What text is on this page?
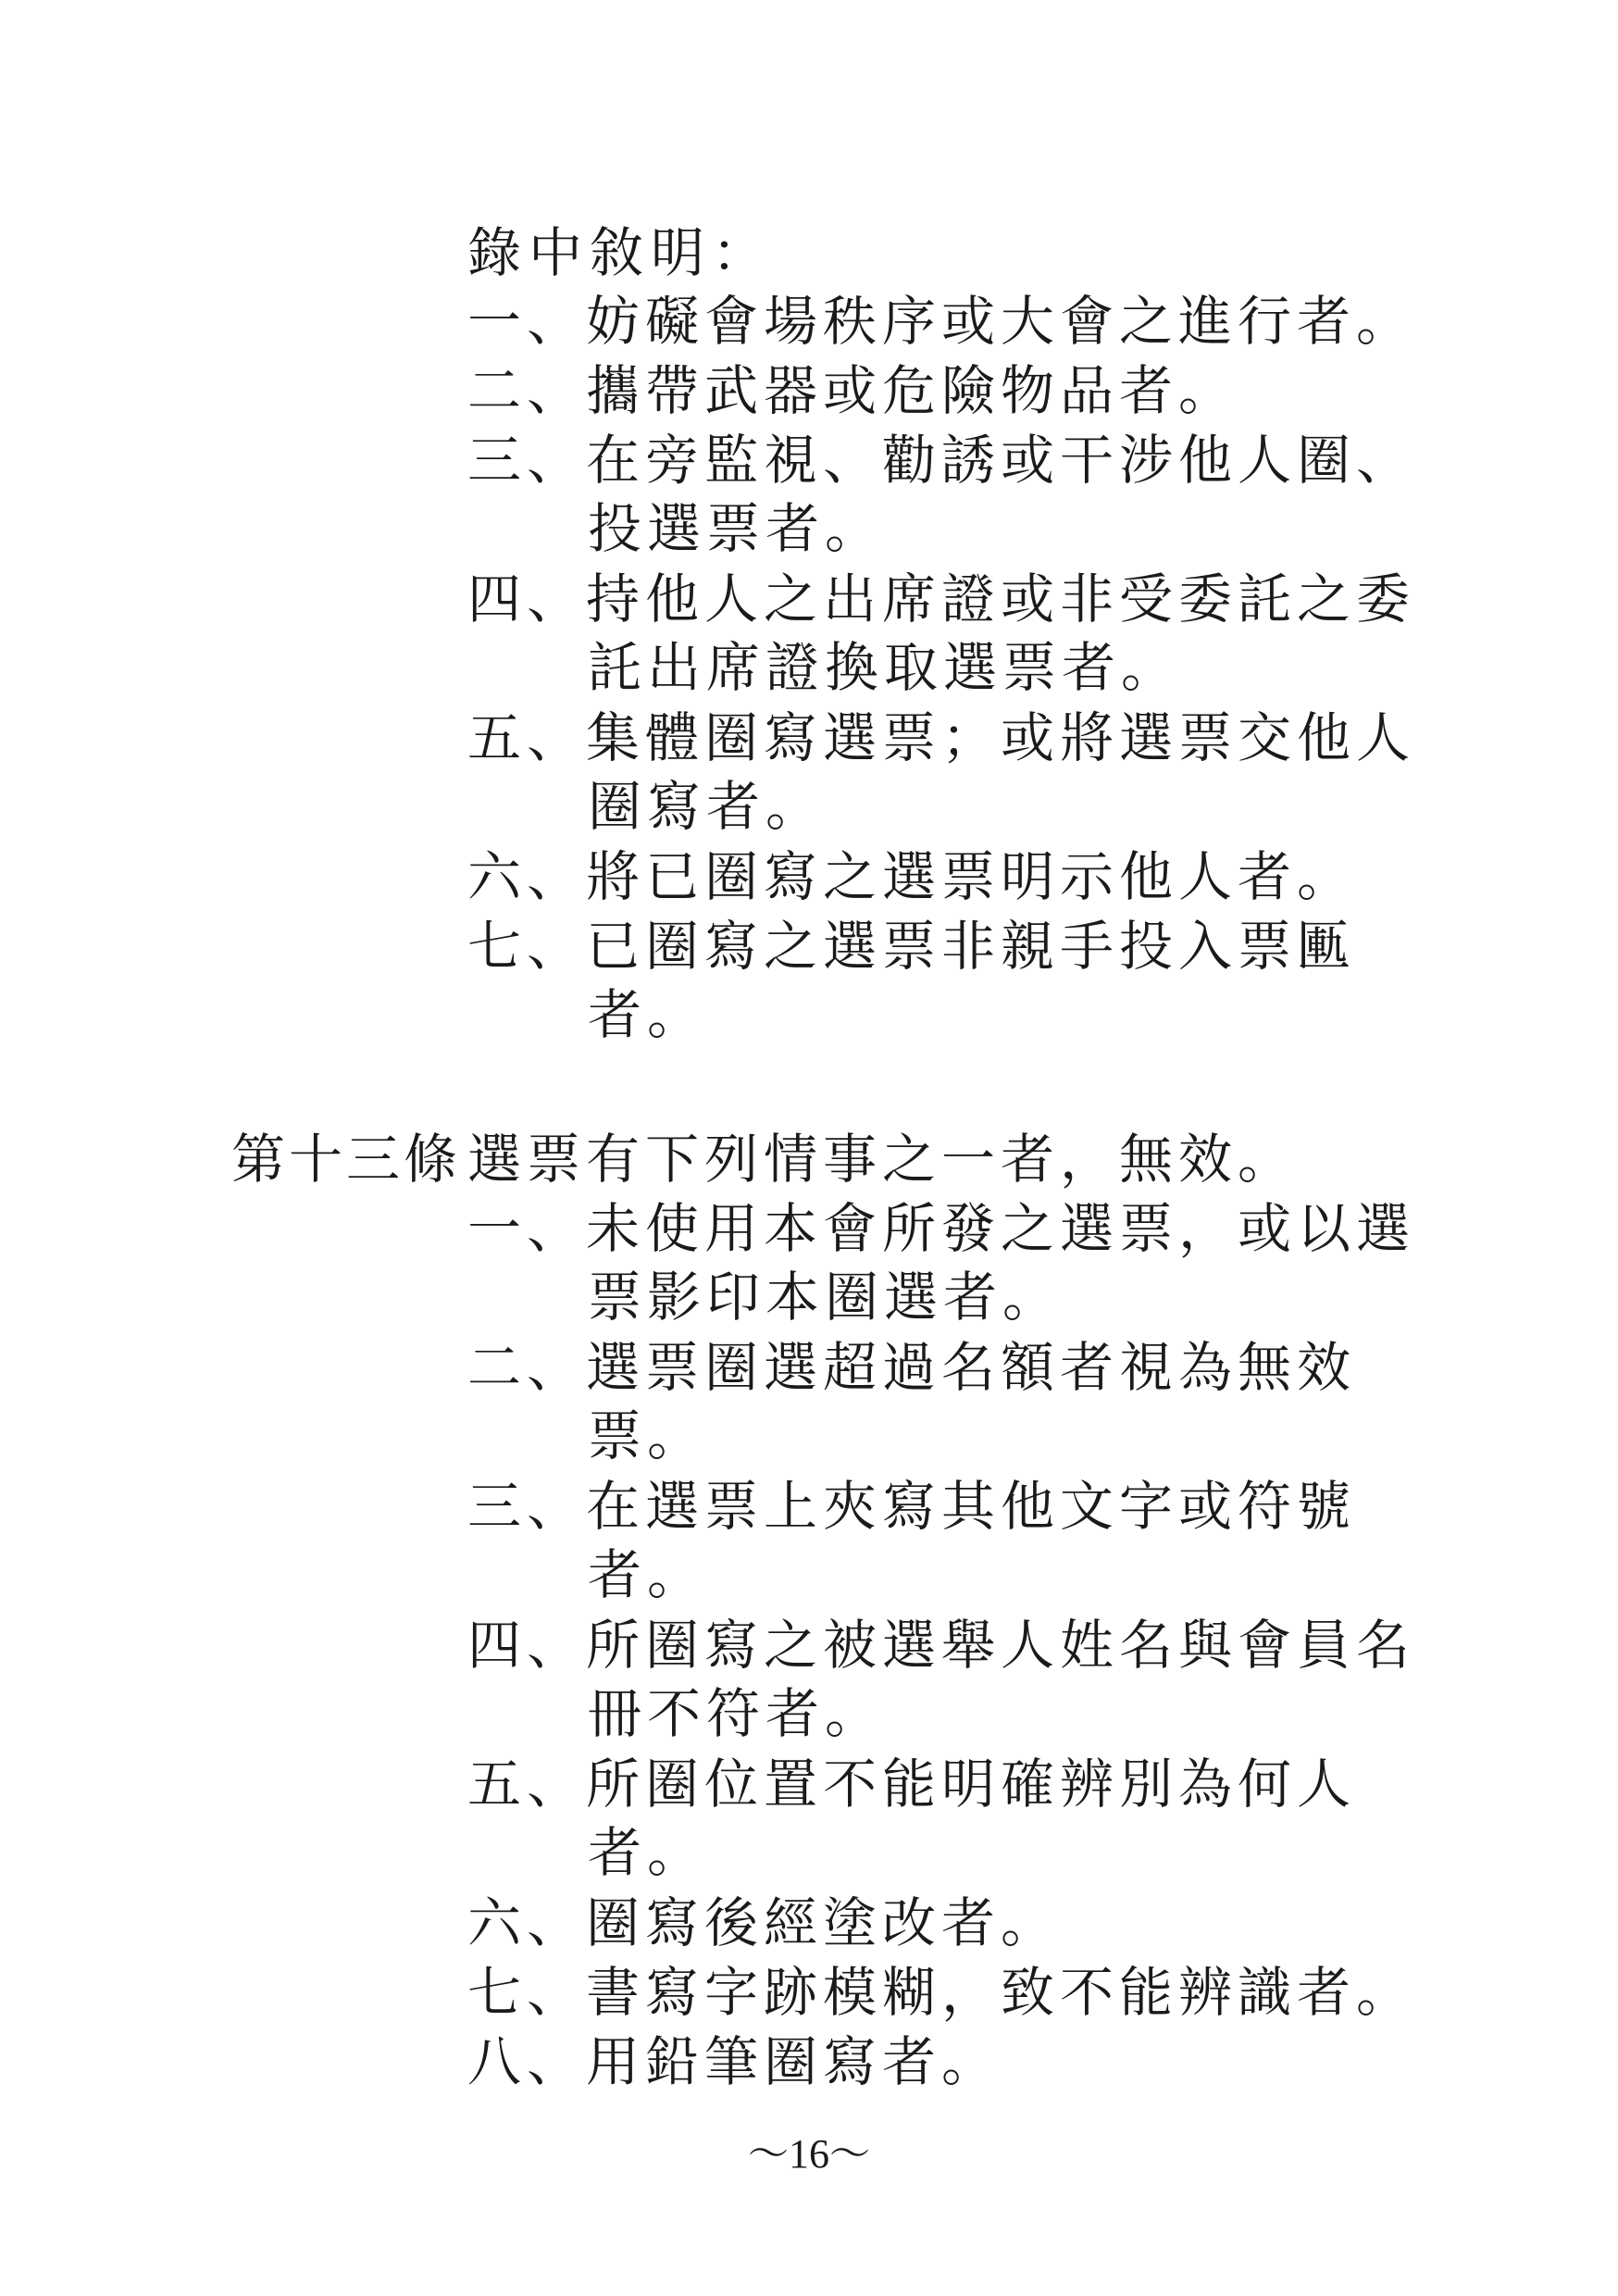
錄中敘明：
一、妨礙會場秩序或大會之進行者。
二、攜帶武器或危險物品者。
三、在旁監視、勸誘或干涉他人圈、
投選票者。
四、持他人之出席證或非受委託之委
託出席證換取選票者。
五、集體圈寫選票；或將選票交他人
圈寫者。
六、將已圈寫之選票明示他人者。
七、已圈寫之選票非親手投入票匭
者。
第十三條 選票有下列情事之一者，無效。
一、未使用本會所發之選票，或以選
票影印本圈選者。
二、選票圈選超過名額者視為無效
票。
三、在選票上夾寫其他文字或符號
者。
四、所圈寫之被選舉人姓名與會員名
冊不符者。
五、所圈位置不能明確辨別為何人
者。
六、圈寫後經塗改者。
七、書寫字跡模糊，致不能辨識者。
八、用鉛筆圈寫者。
～16～
